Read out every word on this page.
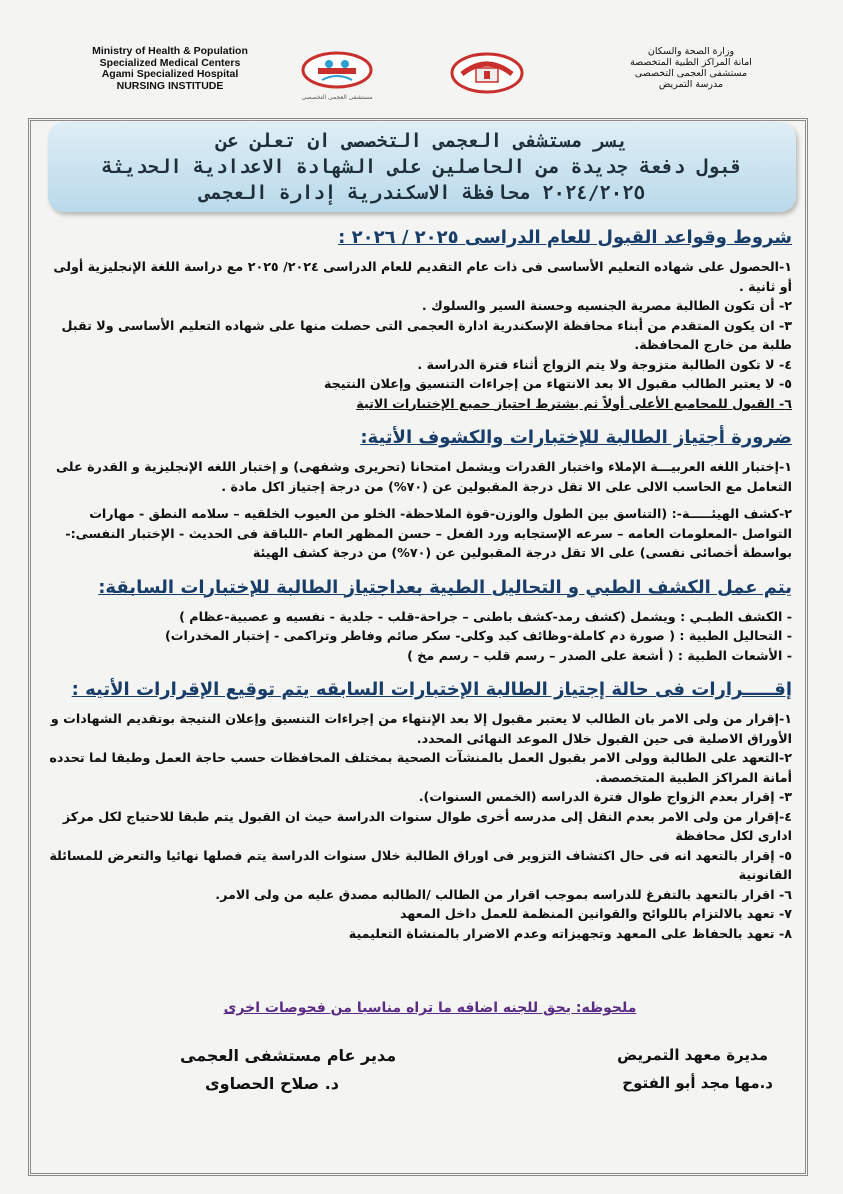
Ministry of Health & Population
Specialized Medical Centers
Agami Specialized Hospital
NURSING INSTITUDE
مستشفى العجمى التخصصى
وزارة الصحة والسكان
امانة المراكز الطبية المتخصصة
مستشفى العجمى التخصصى
مدرسة التمريض
يسر مستشفى العجمى التخصصى ان تعلن عن
قبول دفعة جديدة من الحاصلين على الشهادة الاعدادية الحديثة
٢٠٢٤/٢٠٢٥ محافظة الاسكندرية إدارة العجمى
شروط وقواعد القبول للعام الدراسى ٢٠٢٥ / ٢٠٢٦ :

١-الحصول على شهاده التعليم الأساسى فى ذات عام التقديم للعام الدراسى ٢٠٢٤/ ٢٠٢٥ مع دراسة اللغة الإنجليزية أولى أو ثانية .

٢- أن تكون الطالبة مصرية الجنسيه وحسنة السير والسلوك .

٣- ان يكون المتقدم من أبناء محافظة الإسكندرية ادارة العجمى التى حصلت منها على شهاده التعليم الأساسى ولا تقبل طلبة من خارج المحافظة.

٤- لا تكون الطالبة متزوجة ولا يتم الزواج أثناء فترة الدراسة .

٥- لا يعتبر الطالب مقبول الا بعد الانتهاء من إجراءات التنسيق وإعلان النتيجة

٦- القبول للمجاميع الأعلى أولاً ثم يشترط اجتياز جميع الإختبارات الاتية

ضرورة أجتياز الطالبة للإختبارات والكشوف الأتية:

١-إختبار اللغه العربيـــة الإملاء واختبار القدرات ويشمل امتحانا (تحريرى وشفهى) و إختبار اللغه الإنجليزية و القدرة على التعامل مع الحاسب الالى على الا تقل درجة المقبولين عن (٧٠%) من درجة إجتياز اكل مادة .

٢-كشف الهيئـــــة-: (التناسق بين الطول والوزن-قوة الملاحظة- الخلو من العيوب الخلقيه – سلامه النطق - مهارات التواصل -المعلومات العامه – سرعه الإستجابه ورد الفعل – حسن المظهر العام -اللباقة فى الحديث - الإختبار النفسى:- بواسطة أخصائى نفسى) على الا تقل درجة المقبولين عن (٧٠%) من درجة كشف الهيئة

يتم عمل الكشف الطبي و التحاليل الطبية بعداجتياز الطالبة للإختبارات السابقة:

- الكشف الطبـي : ويشمل (كشف رمد-كشف باطنى – جراحة-قلب - جلدية - نفسيه و عصبية-عظام )

- التحاليل الطبية : ( صورة دم كاملة-وظائف كبد وكلى- سكر صائم وفاطر وتراكمى - إختبار المخدرات)

- الأشعات الطبية : ( أشعة على الصدر – رسم قلب – رسم مخ )

إقـــــرارات فى حالة إجتياز الطالبة الإختبارات السابقه يتم توقيع الإقرارات الأتيه :

١-إقرار من ولى الامر بان الطالب لا يعتبر مقبول إلا بعد الإنتهاء من إجراءات التنسيق وإعلان النتيجة بوتقديم الشهادات و الأوراق الاصلية فى حين القبول خلال الموعد النهائى المحدد.

٢-التعهد على الطالبة وولى الامر بقبول العمل بالمنشآت الصحية بمختلف المحافظات حسب حاجة العمل وطبقا لما تحدده أمانة المراكز الطبية المتخصصة.

٣- إقرار بعدم الزواج طوال فترة الدراسه (الخمس السنوات).

٤-إقرار من ولى الامر بعدم النقل إلى مدرسه أخرى طوال سنوات الدراسة حيث ان القبول يتم طبقا للاحتياج لكل مركز ادارى لكل محافظة

٥- إقرار بالتعهد انه فى حال اكتشاف التزوير فى اوراق الطالبة خلال سنوات الدراسة يتم فصلها نهائيا والتعرض للمسائلة القانونية

٦- اقرار بالتعهد بالتفرغ للدراسه بموجب اقرار من الطالب /الطالبه مصدق عليه من ولى الامر.

٧- تعهد بالالتزام باللوائح والقوانين المنظمة للعمل داخل المعهد

٨- تعهد بالحفاظ على المعهد وتجهيزاته وعدم الاضرار بالمنشاة التعليمية

ملحوظه: يحق للجنه اضافه ما تراه مناسبا من فحوصات اخرى
مديرة معهد التمريض
د.مها مجد أبو الفتوح
مدير عام مستشفى العجمى
د. صلاح الحصاوى
